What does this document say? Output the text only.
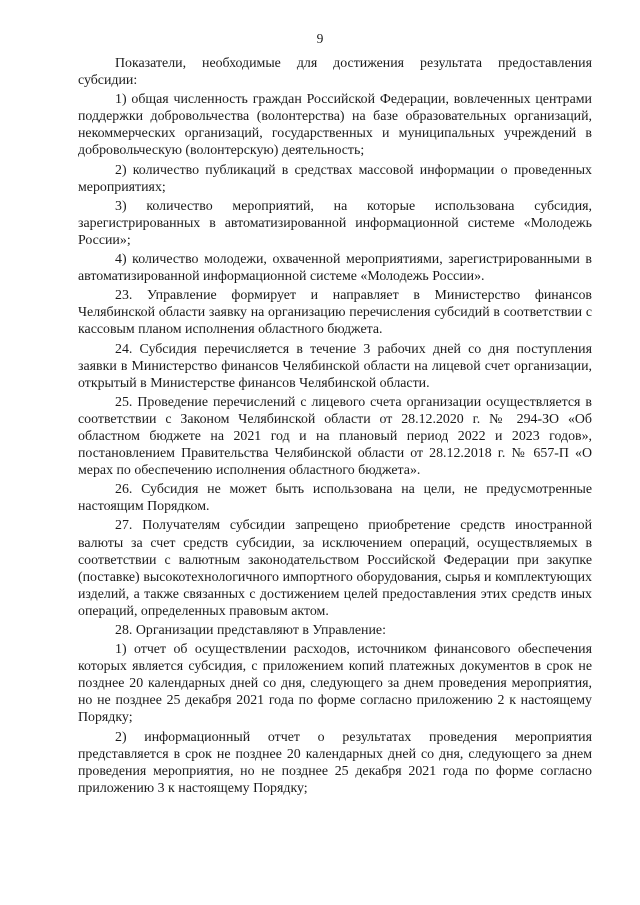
9

Показатели, необходимые для достижения результата предоставления субсидии:

1) общая численность граждан Российской Федерации, вовлеченных центрами поддержки добровольчества (волонтерства) на базе образовательных организаций, некоммерческих организаций, государственных и муниципальных учреждений в добровольческую (волонтерскую) деятельность;

2) количество публикаций в средствах массовой информации о проведенных мероприятиях;

3) количество мероприятий, на которые использована субсидия, зарегистрированных в автоматизированной информационной системе «Молодежь России»;

4) количество молодежи, охваченной мероприятиями, зарегистрированными в автоматизированной информационной системе «Молодежь России».

23. Управление формирует и направляет в Министерство финансов Челябинской области заявку на организацию перечисления субсидий в соответствии с кассовым планом исполнения областного бюджета.

24. Субсидия перечисляется в течение 3 рабочих дней со дня поступления заявки в Министерство финансов Челябинской области на лицевой счет организации, открытый в Министерстве финансов Челябинской области.

25. Проведение перечислений с лицевого счета организации осуществляется в соответствии с Законом Челябинской области от 28.12.2020 г. № 294-ЗО «Об областном бюджете на 2021 год и на плановый период 2022 и 2023 годов», постановлением Правительства Челябинской области от 28.12.2018 г. № 657-П «О мерах по обеспечению исполнения областного бюджета».

26. Субсидия не может быть использована на цели, не предусмотренные настоящим Порядком.

27. Получателям субсидии запрещено приобретение средств иностранной валюты за счет средств субсидии, за исключением операций, осуществляемых в соответствии с валютным законодательством Российской Федерации при закупке (поставке) высокотехнологичного импортного оборудования, сырья и комплектующих изделий, а также связанных с достижением целей предоставления этих средств иных операций, определенных правовым актом.

28. Организации представляют в Управление:

1) отчет об осуществлении расходов, источником финансового обеспечения которых является субсидия, с приложением копий платежных документов в срок не позднее 20 календарных дней со дня, следующего за днем проведения мероприятия, но не позднее 25 декабря 2021 года по форме согласно приложению 2 к настоящему Порядку;

2) информационный отчет о результатах проведения мероприятия представляется в срок не позднее 20 календарных дней со дня, следующего за днем проведения мероприятия, но не позднее 25 декабря 2021 года по форме согласно приложению 3 к настоящему Порядку;
